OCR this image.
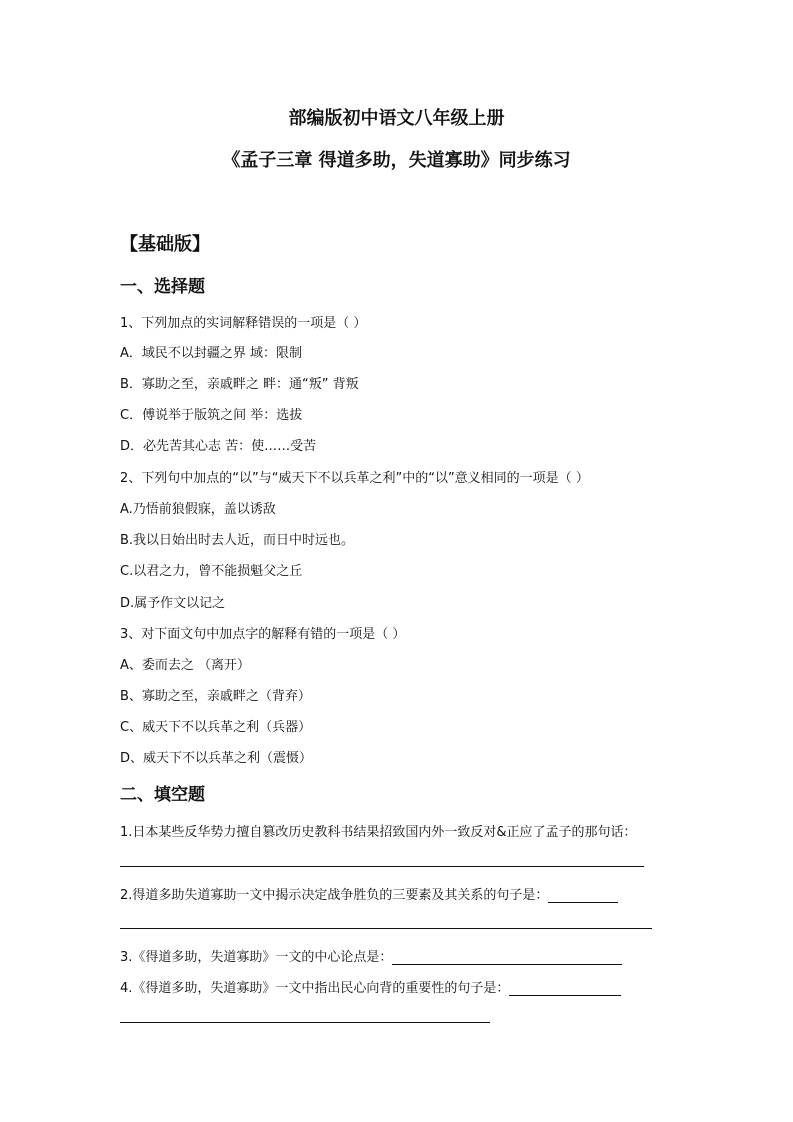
部编版初中语文八年级上册
《孟子三章 得道多助，失道寡助》同步练习
【基础版】
一、选择题
1、下列加点的实词解释错误的一项是（ ）
A．域民不以封疆之界 域：限制
B．寡助之至，亲戚畔之 畔：通“叛” 背叛
C．傅说举于版筑之间 举：选拔
D．必先苦其心志 苦：使……受苦
2、下列句中加点的“以”与“威天下不以兵革之利”中的“以”意义相同的一项是（ ）
A.乃悟前狼假寐，盖以诱敌
B.我以日始出时去人近，而日中时远也。
C.以君之力，曾不能损魁父之丘
D.属予作文以记之
3、对下面文句中加点字的解释有错的一项是（ ）
A、委而去之 （离开）
B、寡助之至，亲戚畔之（背弃）
C、威天下不以兵革之利（兵器）
D、威天下不以兵革之利（震慑）
二、填空题
1.日本某些反华势力擅自篡改历史教科书结果招致国内外一致反对&正应了孟子的那句话：
2.得道多助失道寡助一文中揭示决定战争胜负的三要素及其关系的句子是：
3.《得道多助，失道寡助》一文的中心论点是：
4.《得道多助，失道寡助》一文中指出民心向背的重要性的句子是：
